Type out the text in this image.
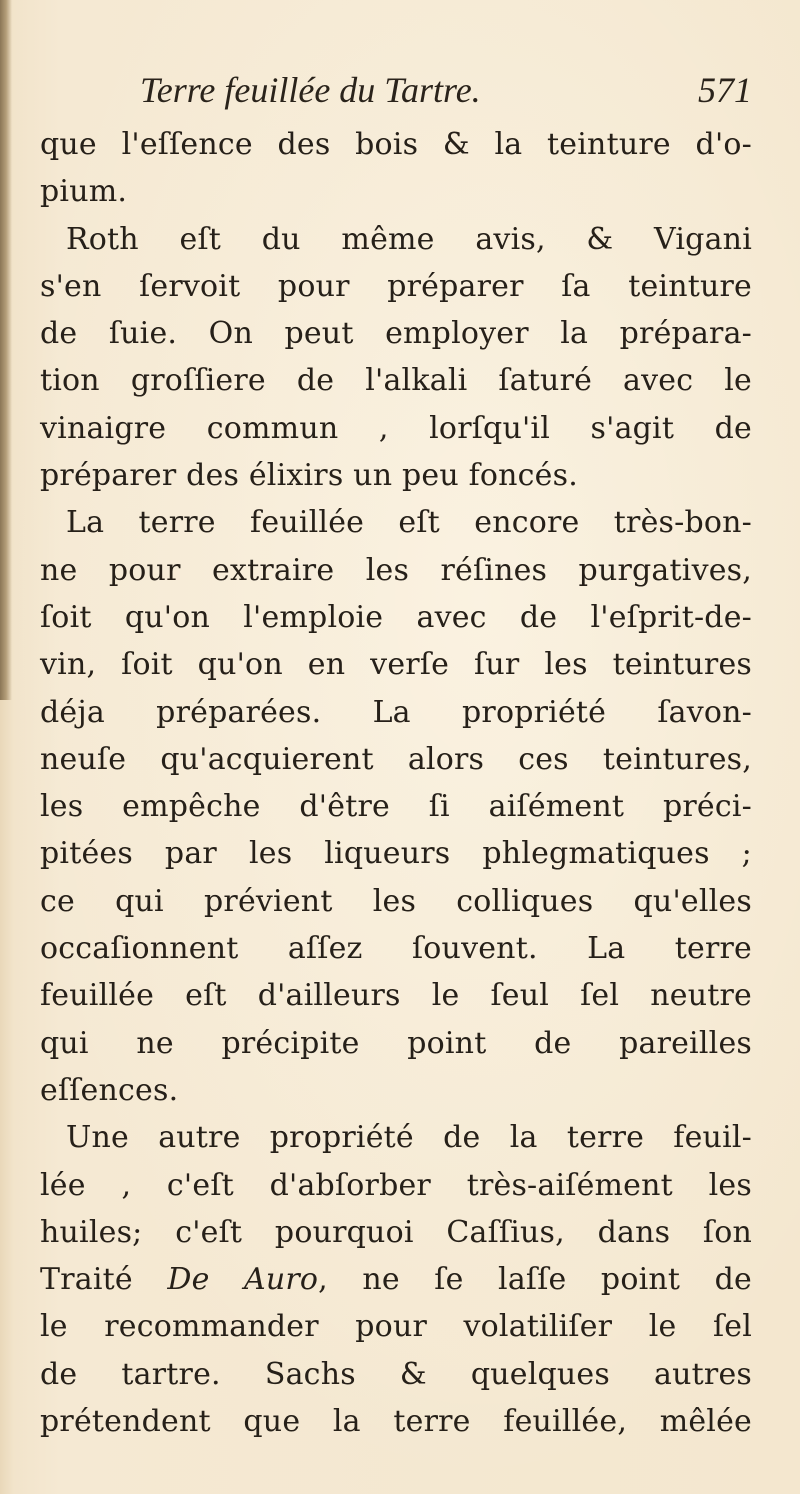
Terre feuillée du Tartre.	571
que l'eſſence des bois & la teinture d'o-
pium.
Roth eſt du même avis, & Vigani
s'en ſervoit pour préparer ſa teinture
de ſuie. On peut employer la prépara-
tion groſſiere de l'alkali ſaturé avec le
vinaigre commun , lorſqu'il s'agit de
préparer des élixirs un peu foncés.
La terre feuillée eſt encore très-bon-
ne pour extraire les réſines purgatives,
ſoit qu'on l'emploie avec de l'eſprit-de-
vin, ſoit qu'on en verſe ſur les teintures
déja préparées. La propriété ſavon-
neuſe qu'acquierent alors ces teintures,
les empêche d'être ſi aiſément préci-
pitées par les liqueurs phlegmatiques ;
ce qui prévient les colliques qu'elles
occaſionnent aſſez ſouvent. La terre
feuillée eſt d'ailleurs le ſeul ſel neutre
qui ne précipite point de pareilles
eſſences.
Une autre propriété de la terre feuil-
lée , c'eſt d'abſorber très-aiſément les
huiles; c'eſt pourquoi Caſſius, dans ſon
Traité De Auro, ne ſe laſſe point de
le recommander pour volatiliſer le ſel
de tartre. Sachs & quelques autres
prétendent que la terre feuillée, mêlée
